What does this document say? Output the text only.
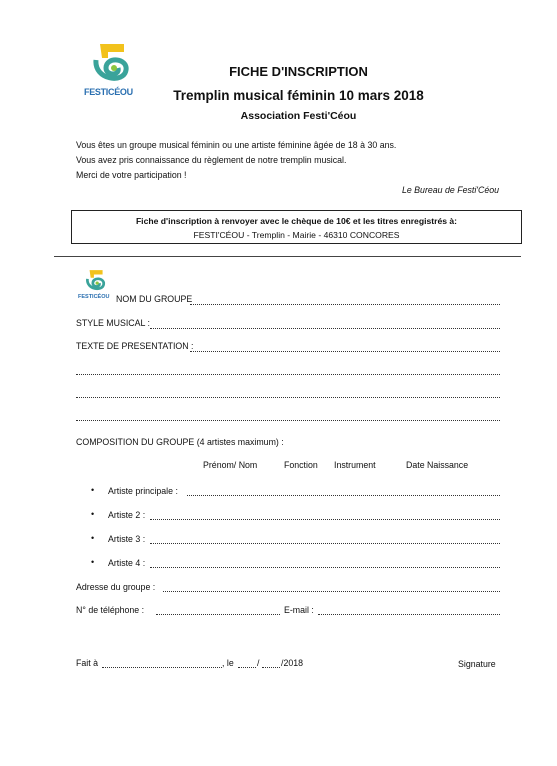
FESTICÉOU
FICHE D'INSCRIPTION
Tremplin musical féminin 10 mars 2018
Association Festi'Céou
Vous êtes un groupe musical féminin ou une artiste féminine âgée de 18 à 30 ans.
Vous avez pris connaissance du règlement de notre tremplin musical.
Merci de votre participation !
Le Bureau de Festi'Céou
Fiche d'inscription à renvoyer avec le chèque de 10€ et les titres enregistrés à:
FESTI'CÉOU - Tremplin - Mairie - 46310 CONCORES
FESTICÉOU NOM DU GROUPE
STYLE MUSICAL :
TEXTE DE PRESENTATION :
COMPOSITION DU GROUPE (4 artistes maximum) :
Prénom/ Nom	Fonction Instrument	Date Naissance
• Artiste principale :
• Artiste 2 :
• Artiste 3 :
• Artiste 4 :
Adresse du groupe :
N° de téléphone :	E-mail :
Fait à	, le	/ /2018	Signature
